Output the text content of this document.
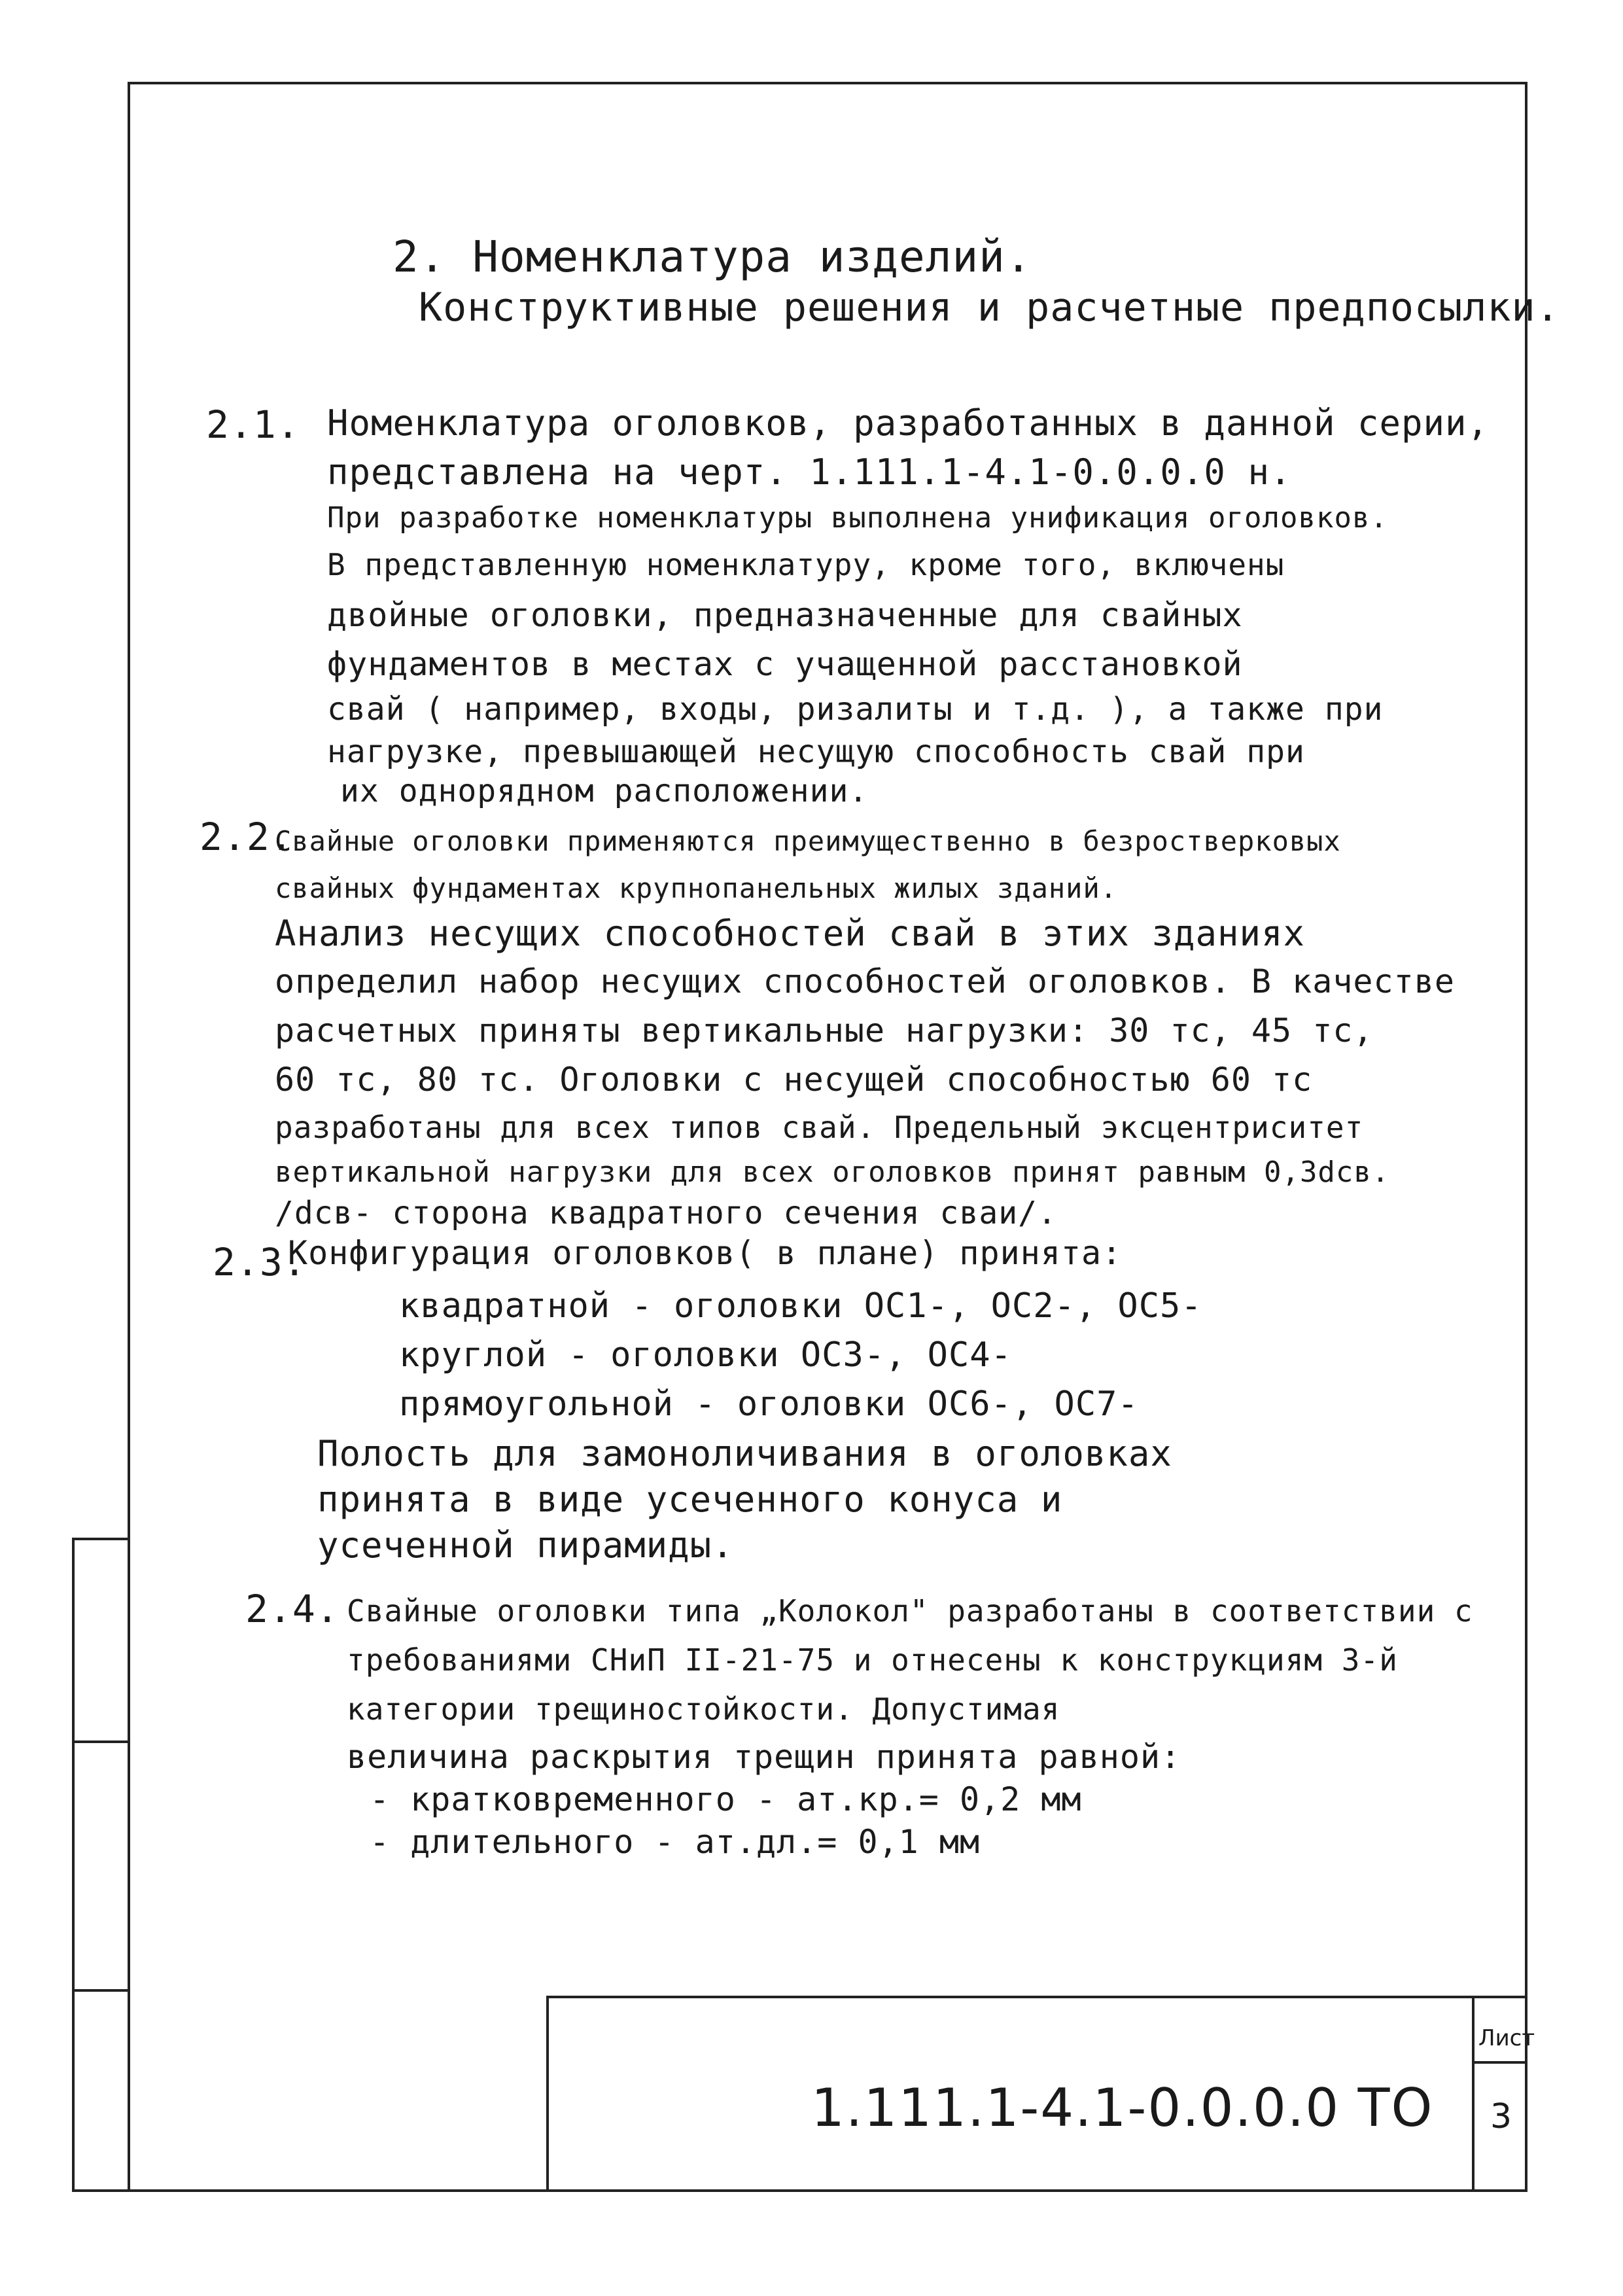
2. Номенклатура изделий.
Конструктивные решения и расчетные предпосылки.
2.1. Номенклатура оголовков, разработанных в данной серии,
представлена на черт. 1.111.1-4.1-0.0.0.0 н.
При разработке номенклатуры выполнена унификация оголовков.
В представленную номенклатуру, кроме того, включены
двойные оголовки, предназначенные для свайных
фундаментов в местах с учащенной расстановкой
свай ( например, входы, ризалиты и т.д. ), а также при
нагрузке, превышающей несущую способность свай при
их однорядном расположении.
2.2.
Свайные оголовки применяются преимущественно в безростверковых свайных фундаментах крупнопанельных жилых зданий.
Анализ несущих способностей свай в этих зданиях
определил набор несущих способностей оголовков. В качестве
расчетных приняты вертикальные нагрузки: 30 тс, 45 тс,
60 тс, 80 тс. Оголовки с несущей способностью 60 тс
разработаны для всех типов свай. Предельный эксцентриситет
вертикальной нагрузки для всех оголовков принят равным 0,3dсв.
/dсв- сторона квадратного сечения сваи/.
2.3.
Конфигурация оголовков( в плане) принята:
квадратной - оголовки ОС1-, ОС2-, ОС5-
круглой - оголовки ОС3-, ОС4-
прямоугольной - оголовки ОС6-, ОС7-
Полость для замоноличивания в оголовках
принята в виде усеченного конуса и
усеченной пирамиды.
2.4. Свайные оголовки типа „Колокол" разработаны в соответствии с требованиями СНиП II-21-75 и отнесены к конструкциям 3-й категории трещиностойкости. Допустимая
величина раскрытия трещин принята равной:
- кратковременного - aт.кр.= 0,2 мм
- длительного - aт.дл.= 0,1 мм
1.111.1-4.1-0.0.0.0 ТО
Лист
3
